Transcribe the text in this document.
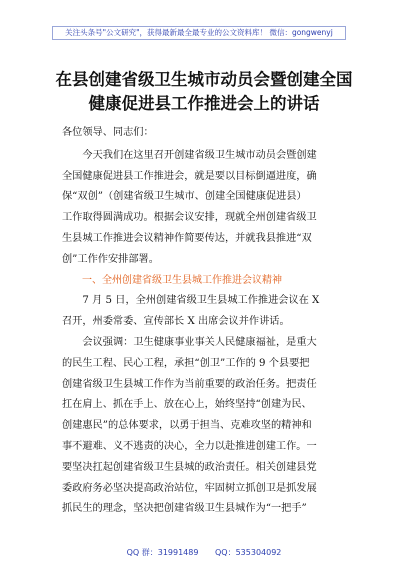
关注头条号"公文研究"，获得最新最全最专业的公文资料库！ 微信：gongwenyj
在县创建省级卫生城市动员会暨创建全国
健康促进县工作推进会上的讲话

各位领导、同志们：

今天我们在这里召开创建省级卫生城市动员会暨创建
全国健康促进县工作推进会，就是要以目标倒逼进度，确
保“双创”（创建省级卫生城市、创建全国健康促进县）
工作取得圆满成功。根据会议安排，现就全州创建省级卫
生县城工作推进会议精神作简要传达，并就我县推进“双
创”工作作安排部署。

一、全州创建省级卫生县城工作推进会议精神

7 月 5 日，全州创建省级卫生县城工作推进会议在 X
召开，州委常委、宣传部长 X 出席会议并作讲话。

会议强调：卫生健康事业事关人民健康福祉，是重大
的民生工程、民心工程，承担“创卫”工作的 9 个县要把
创建省级卫生县城工作作为当前重要的政治任务。把责任
扛在肩上、抓在手上、放在心上，始终坚持“创建为民、
创建惠民”的总体要求，以勇于担当、克难攻坚的精神和
事不避难、义不逃责的决心，全力以赴推进创建工作。一
要坚决扛起创建省级卫生县城的政治责任。相关创建县党
委政府务必坚决提高政治站位，牢固树立抓创卫是抓发展
抓民生的理念，坚决把创建省级卫生县城作为“一把手”

QQ 群：31991489 QQ：535304092
